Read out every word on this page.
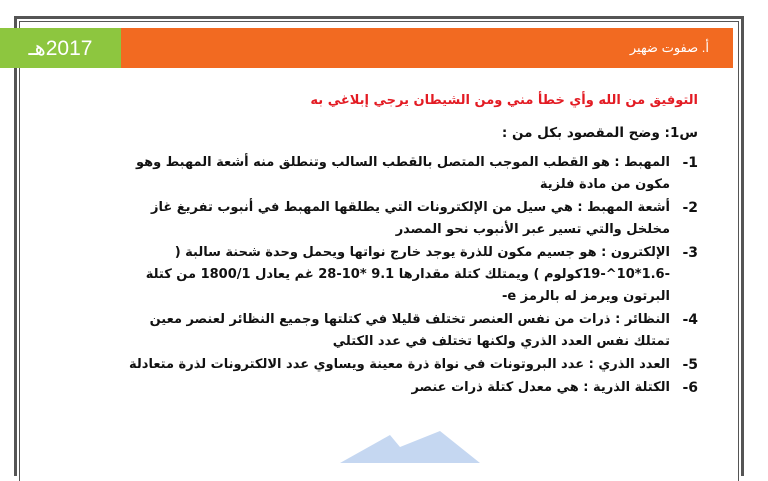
2017هـ	أ. صفوت ضهير

التوفيق من الله وأي خطأ مني ومن الشيطان يرجي إبلاغي به

س1: وضح المقصود بكل من :

-1
المهبط : هو القطب الموجب المتصل بالقطب السالب وتنطلق منه أشعة المهبط وهو مكون من مادة فلزية
-2
أشعة المهبط : هي سيل من الإلكترونات التي يطلقها المهبط في أنبوب تفريغ غاز مخلخل والتي تسير عبر الأنبوب نحو المصدر
-3
الإلكترون : هو جسيم مكون للذرة يوجد خارج نواتها ويحمل وحدة شحنة سالبة ( -1.6*10^-19كولوم ) ويمتلك كتلة مقدارها 9.1 *10-28 غم يعادل 1800/1 من كتلة البرتون ويرمز له بالرمز e-
-4
النظائر : ذرات من نفس العنصر تختلف قليلا في كتلتها وجميع النظائر لعنصر معين تمتلك نفس العدد الذري ولكنها تختلف في عدد الكتلي
-5
العدد الذري : عدد البروتونات في نواة ذرة معينة ويساوي عدد الالكترونات لذرة متعادلة
-6
الكتلة الذرية : هي معدل كتلة ذرات عنصر
